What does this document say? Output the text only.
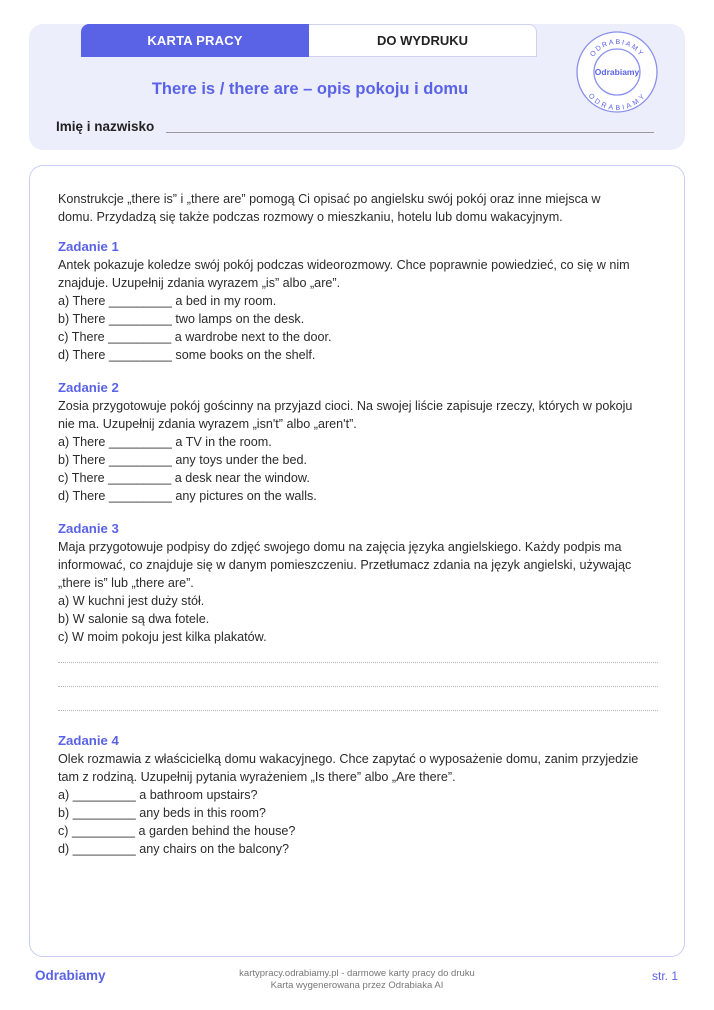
KARTA PRACY	DO WYDRUKU
There is / there are – opis pokoju i domu
Imię i nazwisko
ODRABIAMY
ODRABIAMY
Odrabiamy

Konstrukcje „there is” i „there are” pomogą Ci opisać po angielsku swój pokój oraz inne miejsca w
domu. Przydadzą się także podczas rozmowy o mieszkaniu, hotelu lub domu wakacyjnym.

Zadanie 1

Antek pokazuje koledze swój pokój podczas wideorozmowy. Chce poprawnie powiedzieć, co się w nim
znajduje. Uzupełnij zdania wyrazem „is” albo „are”.

a) There _________ a bed in my room.

b) There _________ two lamps on the desk.

c) There _________ a wardrobe next to the door.

d) There _________ some books on the shelf.

Zadanie 2

Zosia przygotowuje pokój gościnny na przyjazd cioci. Na swojej liście zapisuje rzeczy, których w pokoju
nie ma. Uzupełnij zdania wyrazem „isn't” albo „aren't”.

a) There _________ a TV in the room.

b) There _________ any toys under the bed.

c) There _________ a desk near the window.

d) There _________ any pictures on the walls.

Zadanie 3

Maja przygotowuje podpisy do zdjęć swojego domu na zajęcia języka angielskiego. Każdy podpis ma
informować, co znajduje się w danym pomieszczeniu. Przetłumacz zdania na język angielski, używając
„there is” lub „there are”.

a) W kuchni jest duży stół.

b) W salonie są dwa fotele.

c) W moim pokoju jest kilka plakatów.

Zadanie 4

Olek rozmawia z właścicielką domu wakacyjnego. Chce zapytać o wyposażenie domu, zanim przyjedzie
tam z rodziną. Uzupełnij pytania wyrażeniem „Is there” albo „Are there”.

a) _________ a bathroom upstairs?

b) _________ any beds in this room?

c) _________ a garden behind the house?

d) _________ any chairs on the balcony?

Odrabiamy	kartypracy.odrabiamy.pl - darmowe karty pracy do druku
Karta wygenerowana przez Odrabiaka AI
str. 1
